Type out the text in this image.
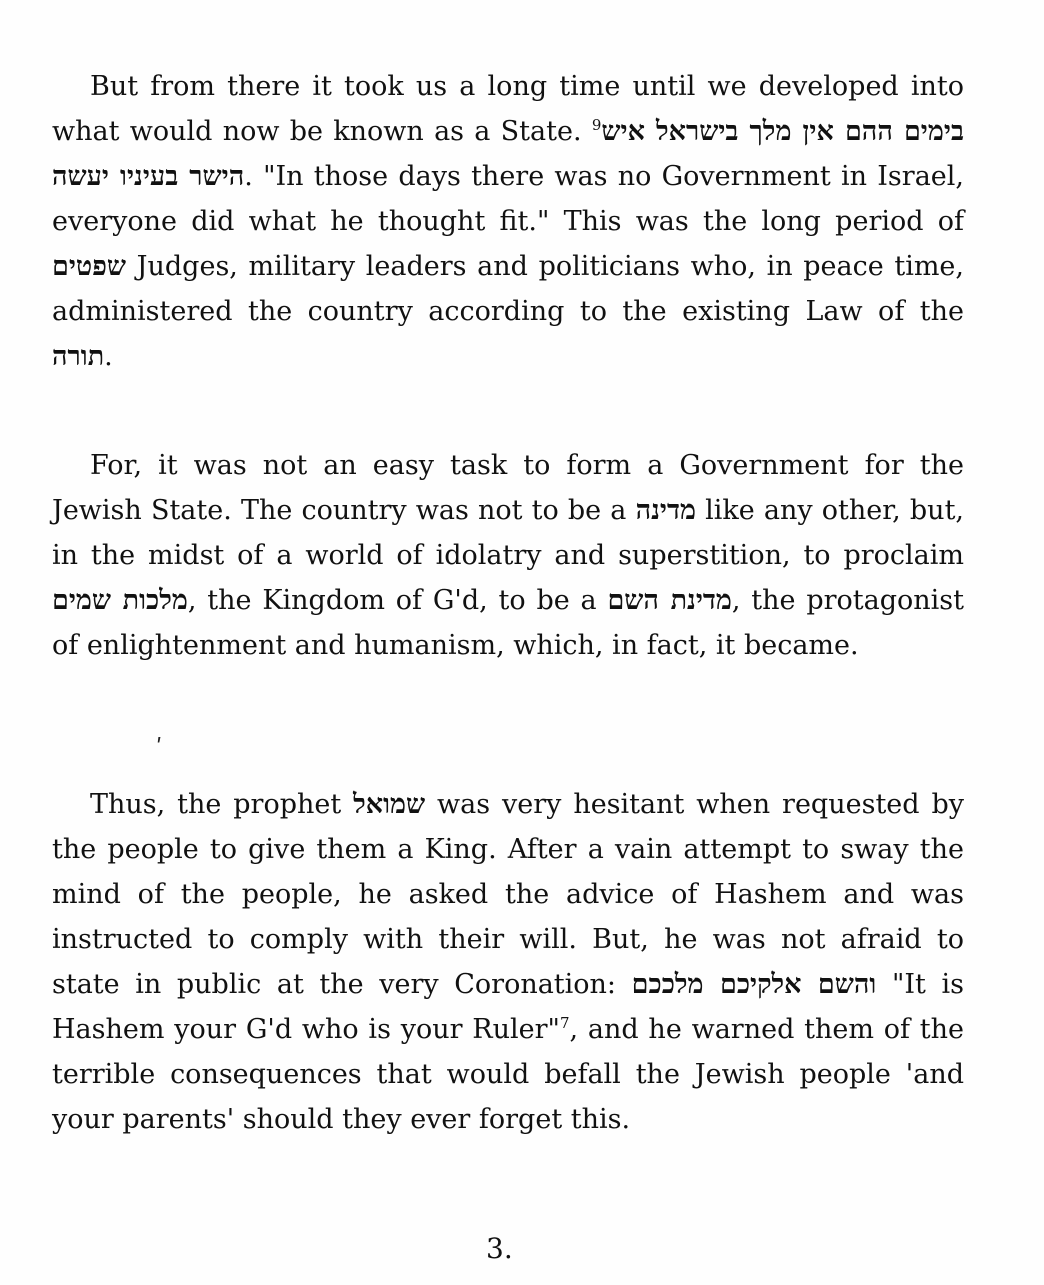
But from there it took us a long time until we developed into what would now be known as a State. $^9$בימים ההם אין מלך בישראל איש הישר בעיניו יעשה. "In those days there was no Government in Israel, everyone did what he thought fit." This was the long period of שפטים Judges, military leaders and politicians who, in peace time, administered the country according to the existing Law of the תורה.

For, it was not an easy task to form a Government for the Jewish State. The country was not to be a מדינה like any other, but, in the midst of a world of idolatry and superstition, to proclaim מלכות שמים, the Kingdom of G'd, to be a מדינת השם, the protagonist of enlightenment and humanism, which, in fact, it became.

ʹ

Thus, the prophet שמואל was very hesitant when requested by the people to give them a King. After a vain attempt to sway the mind of the people, he asked the advice of Hashem and was instructed to comply with their will. But, he was not afraid to state in public at the very Coronation: והשם אלקיכם מלככם "It is Hashem your G'd who is your Ruler"$^7$, and he warned them of the terrible consequences that would befall the Jewish people 'and your parents' should they ever forget this.

3.
